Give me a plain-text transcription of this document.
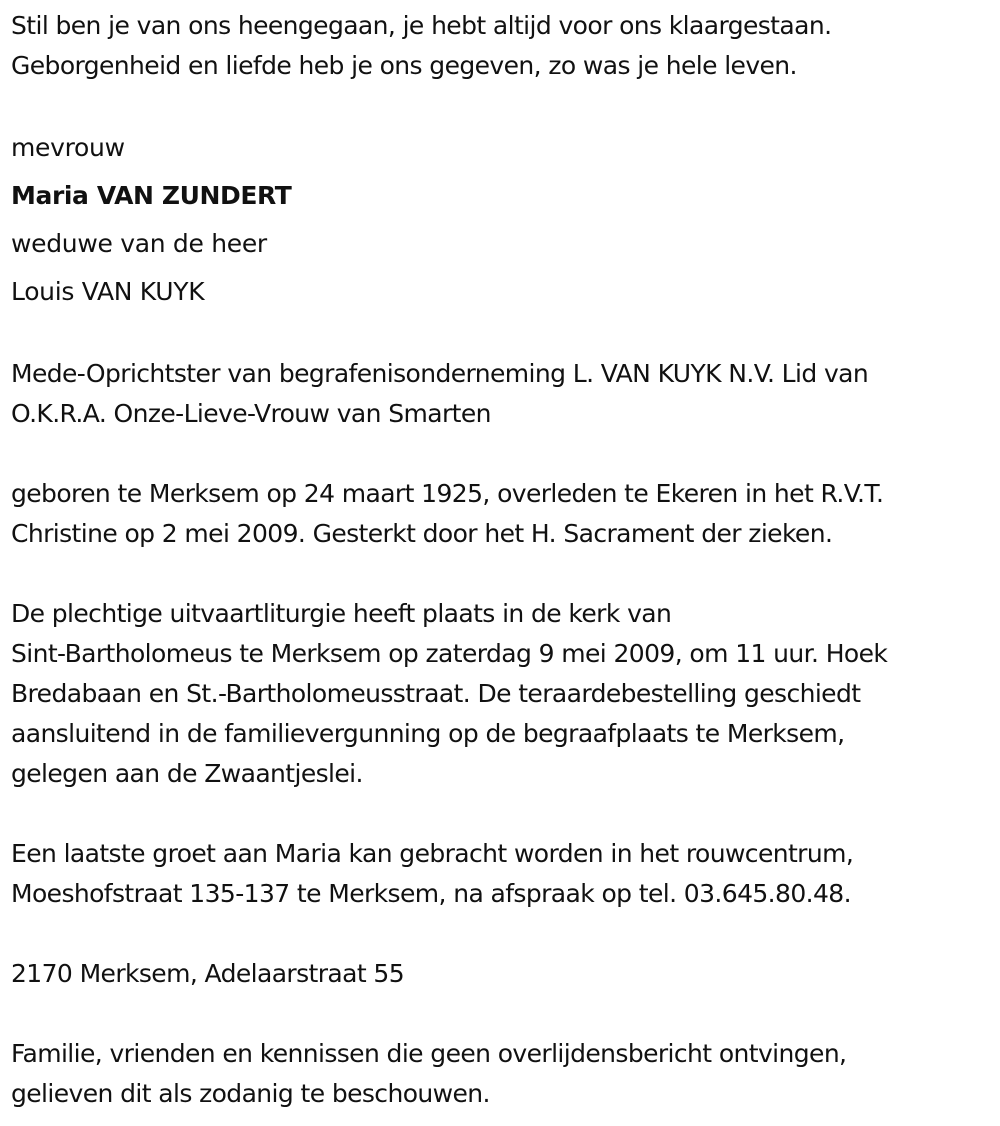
Stil ben je van ons heengegaan, je hebt altijd voor ons klaargestaan.
Geborgenheid en liefde heb je ons gegeven, zo was je hele leven.
mevrouw
Maria VAN ZUNDERT
weduwe van de heer
Louis VAN KUYK
Mede-Oprichtster van begrafenisonderneming L. VAN KUYK N.V. Lid van
O.K.R.A. Onze-Lieve-Vrouw van Smarten
geboren te Merksem op 24 maart 1925, overleden te Ekeren in het R.V.T.
Christine op 2 mei 2009. Gesterkt door het H. Sacrament der zieken.
De plechtige uitvaartliturgie heeft plaats in de kerk van
Sint-Bartholomeus te Merksem op zaterdag 9 mei 2009, om 11 uur. Hoek
Bredabaan en St.-Bartholomeusstraat. De teraardebestelling geschiedt
aansluitend in de familievergunning op de begraafplaats te Merksem,
gelegen aan de Zwaantjeslei.
Een laatste groet aan Maria kan gebracht worden in het rouwcentrum,
Moeshofstraat 135-137 te Merksem, na afspraak op tel. 03.645.80.48.
2170 Merksem, Adelaarstraat 55
Familie, vrienden en kennissen die geen overlijdensbericht ontvingen,
gelieven dit als zodanig te beschouwen.
